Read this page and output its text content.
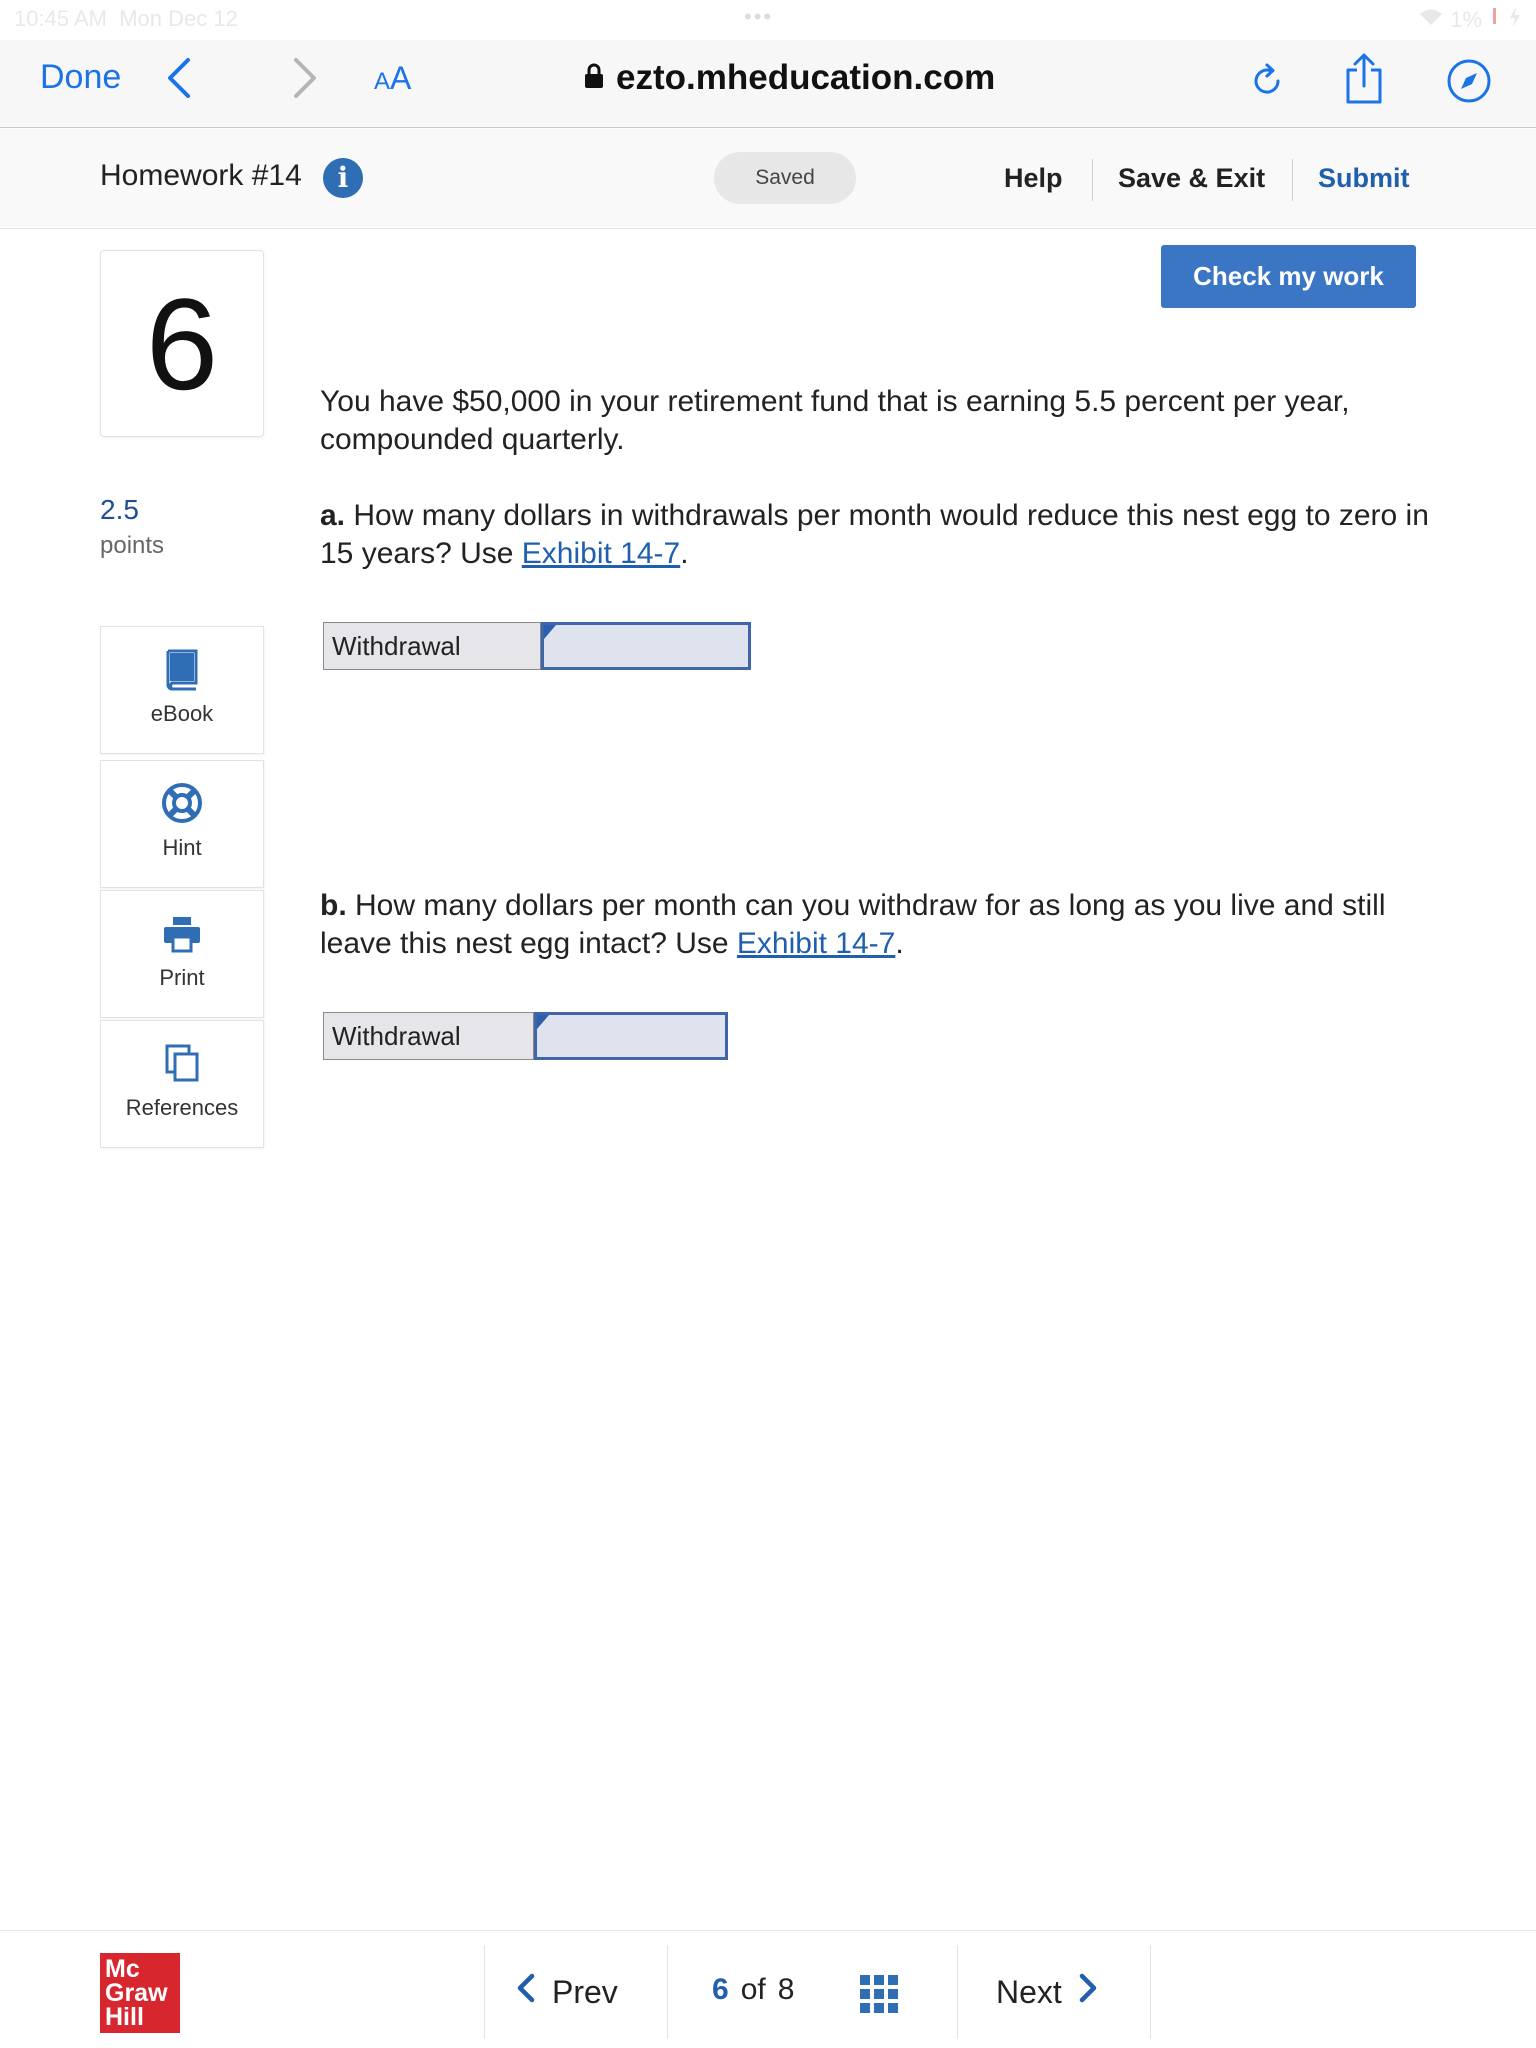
10:45 AM Mon Dec 12	•••	1%
Done	AA	ezto.mheducation.com
Homework #14	i	Saved	Help Save & Exit Submit
6
2.5
points
eBook
Hint
Print
References
Check my work
You have $50,000 in your retirement fund that is earning 5.5 percent per year, compounded quarterly.
a. How many dollars in withdrawals per month would reduce this nest egg to zero in 15 years? Use Exhibit 14-7.
Withdrawal
b. How many dollars per month can you withdraw for as long as you live and still leave this nest egg intact? Use Exhibit 14-7.
Withdrawal
Mc
Graw
Hill
Prev	6 of 8	Next
